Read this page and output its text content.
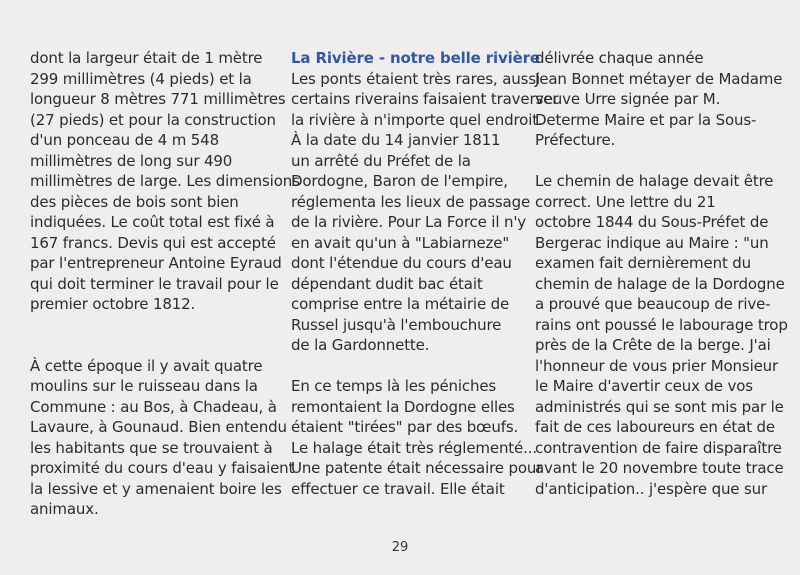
dont la largeur était de 1 mètre
299 millimètres (4 pieds) et la
longueur 8 mètres 771 millimètres
(27 pieds) et pour la construction
d'un ponceau de 4 m 548
millimètres de long sur 490
millimètres de large. Les dimensions
des pièces de bois sont bien
indiquées. Le coût total est fixé à
167 francs. Devis qui est accepté
par l'entrepreneur Antoine Eyraud
qui doit terminer le travail pour le
premier octobre 1812.
À cette époque il y avait quatre
moulins sur le ruisseau dans la
Commune : au Bos, à Chadeau, à
Lavaure, à Gounaud. Bien entendu
les habitants que se trouvaient à
proximité du cours d'eau y faisaient
la lessive et y amenaient boire les
animaux.
La Rivière - notre belle rivière
Les ponts étaient très rares, aussi
certains riverains faisaient traverser
la rivière à n'importe quel endroit.
À la date du 14 janvier 1811
un arrêté du Préfet de la
Dordogne, Baron de l'empire,
réglementa les lieux de passage
de la rivière. Pour La Force il n'y
en avait qu'un à "Labiarneze"
dont l'étendue du cours d'eau
dépendant dudit bac était
comprise entre la métairie de
Russel jusqu'à l'embouchure
de la Gardonnette.
En ce temps là les péniches
remontaient la Dordogne elles
étaient "tirées" par des bœufs.
Le halage était très réglementé...
Une patente était nécessaire pour
effectuer ce travail. Elle était
délivrée chaque année
Jean Bonnet métayer de Madame
veuve Urre signée par M.
Determe Maire et par la Sous-
Préfecture.
Le chemin de halage devait être
correct. Une lettre du 21
octobre 1844 du Sous-Préfet de
Bergerac indique au Maire : "un
examen fait dernièrement du
chemin de halage de la Dordogne
a prouvé que beaucoup de rive-
rains ont poussé le labourage trop
près de la Crête de la berge. J'ai
l'honneur de vous prier Monsieur
le Maire d'avertir ceux de vos
administrés qui se sont mis par le
fait de ces laboureurs en état de
contravention de faire disparaître
avant le 20 novembre toute trace
d'anticipation.. j'espère que sur
29
